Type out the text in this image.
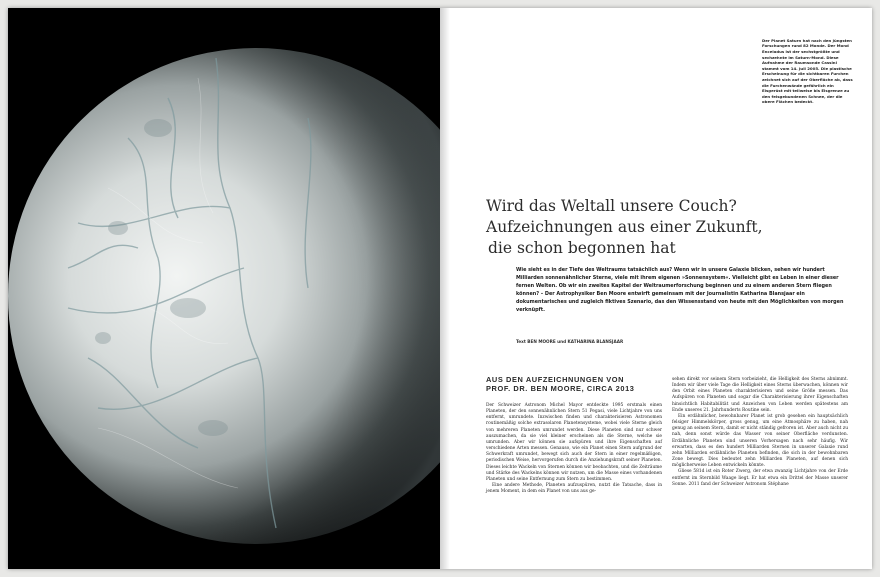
Der Planet Saturn hat nach den jüngsten Forschungen rund 82 Monde. Der Mond Enceladus ist der sechstgrößte und sechzehnte im Saturn-Mond. Diese Aufnahme der Raumsonde Cassini stammt vom 14. Juli 2005. Die plastische Erscheinung für die sichtbaren Furchen zeichnet sich auf der Oberfläche ab, dass die Furchenwände gefährlich ein Eisgerüst mit teilweise bis Eisgrenze zu den felsgebundenen Schnee, der die obere Flächen bedeckt.

Wird das Weltall unsere Couch?
Aufzeichnungen aus einer Zukunft,
die schon begonnen hat

Wie sieht es in der Tiefe des Weltraums tatsächlich aus? Wenn wir in unsere Galaxie blicken, sehen wir hundert Milliarden sonnenähnlicher Sterne, viele mit ihrem eigenen »Sonnensystem«. Vielleicht gibt es Leben in einer dieser fernen Welten. Ob wir ein zweites Kapitel der Weltraumerforschung beginnen und zu einem anderen Stern fliegen können? – Der Astrophysiker Ben Moore entwirft gemeinsam mit der Journalistin Katharina Blansjaar ein dokumentarisches und zugleich fiktives Szenario, das den Wissensstand von heute mit den Möglichkeiten von morgen verknüpft.

Text BEN MOORE und KATHARINA BLANSJAAR
AUS DEN AUFZEICHNUNGEN VON
PROF. DR. BEN MOORE, CIRCA 2013

Der Schweizer Astronom Michel Mayor entdeckte 1995 erstmals einen Planeten, der den sonnenähnlichen Stern 51 Pegasi, viele Lichtjahre von uns entfernt, umrundete. Inzwischen finden und charakterisieren Astronomen routinemäßig solche extrasolaren Planetensysteme, wobei viele Sterne gleich von mehreren Planeten umrundet werden. Diese Planeten sind nur schwer auszumachen, da sie viel kleiner erscheinen als die Sterne, welche sie umrunden. Aber wir können sie aufspüren und ihre Eigenschaften auf verschiedene Arten messen. Genauso, wie ein Planet einen Stern aufgrund der Schwerkraft umrundet, bewegt sich auch der Stern in einer regelmäßigen, periodischen Weise, hervorgerufen durch die Anziehungskraft seiner Planeten. Dieses leichte Wackeln von Sternen können wir beobachten, und die Zeiträume und Stärke des Wackelns können wir nutzen, um die Masse eines vorhandenen Planeten und seine Entfernung zum Stern zu bestimmen.

Eine andere Methode, Planeten aufzuspüren, nutzt die Tatsache, dass in jenem Moment, in dem ein Planet von uns aus ge-

sehen direkt vor seinem Stern vorbeizieht, die Helligkeit des Sterns abnimmt. Indem wir über viele Tage die Helligkeit eines Sterns überwachen, können wir den Orbit eines Planeten charakterisieren und seine Größe messen. Das Aufspüren von Planeten und sogar die Charakterisierung ihrer Eigenschaften hinsichtlich Habitabilität und Anzeichen von Leben werden spätestens am Ende unseres 21. Jahrhunderts Routine sein.

Ein erdähnlicher, bewohnbarer Planet ist grob gesehen ein hauptsächlich felsiger Himmelskörper, gross genug, um eine Atmosphäre zu haben, nah genug an seinem Stern, damit er nicht ständig gefroren ist. Aber auch nicht zu nah, denn sonst würde das Wasser von seiner Oberfläche verdunsten. Erdähnliche Planeten sind unseren Vorhersagen nach sehr häufig. Wir erwarten, dass es den hundert Milliarden Sternen in unserer Galaxie rund zehn Milliarden erdähnliche Planeten befinden, die sich in der bewohnbaren Zone bewegt. Dies bedeutet zehn Milliarden Planeten, auf denen sich möglicherweise Leben entwickeln könnte.

Gliese 581d ist ein Roter Zwerg, der etwa zwanzig Lichtjahre von der Erde entfernt im Sternbild Waage liegt. Er hat etwa ein Drittel der Masse unserer Sonne. 2011 fand der Schweizer Astronom Stéphane
